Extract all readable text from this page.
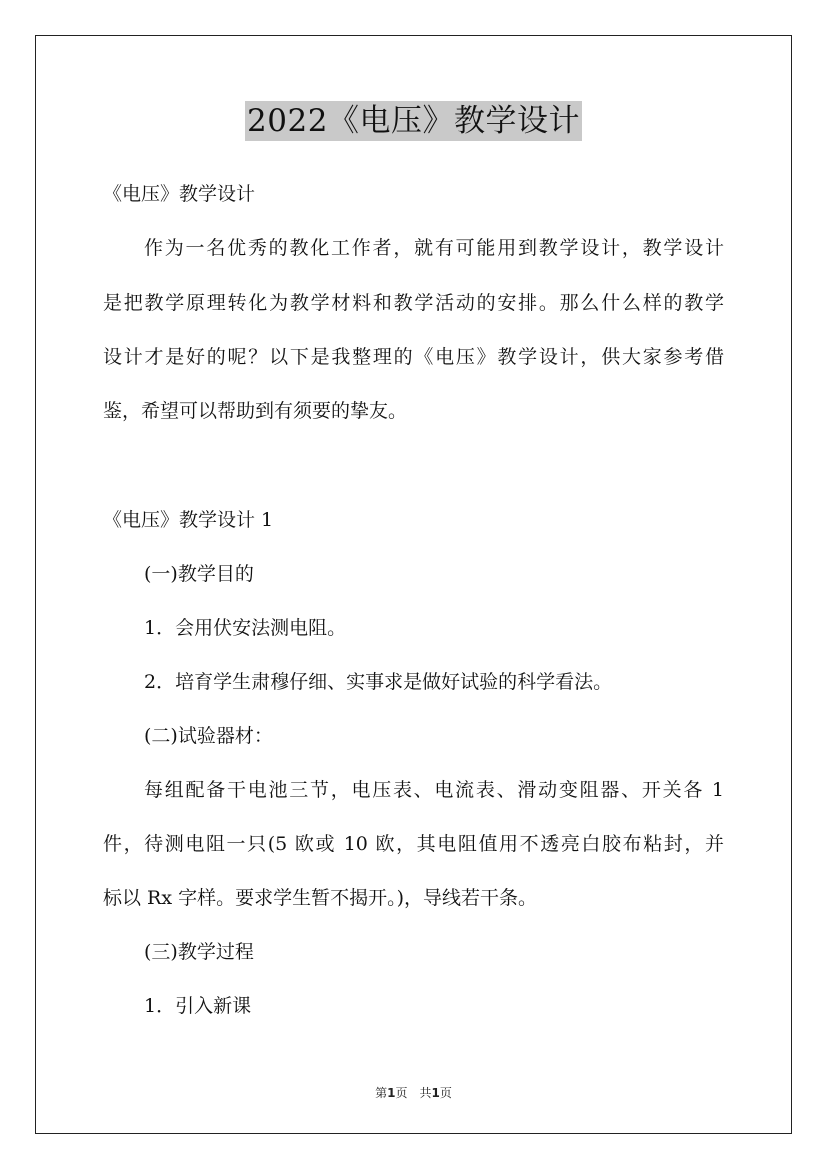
2022《电压》教学设计
《电压》教学设计
作为一名优秀的教化工作者，就有可能用到教学设计，教学设计
是把教学原理转化为教学材料和教学活动的安排。那么什么样的教学
设计才是好的呢？以下是我整理的《电压》教学设计，供大家参考借
鉴，希望可以帮助到有须要的挚友。
《电压》教学设计 1
(一)教学目的
1．会用伏安法测电阻。
2．培育学生肃穆仔细、实事求是做好试验的科学看法。
(二)试验器材：
每组配备干电池三节，电压表、电流表、滑动变阻器、开关各 1
件，待测电阻一只(5 欧或 10 欧，其电阻值用不透亮白胶布粘封，并
标以 Rx 字样。要求学生暂不揭开。)，导线若干条。
(三)教学过程
1．引入新课
第1页　共1页
